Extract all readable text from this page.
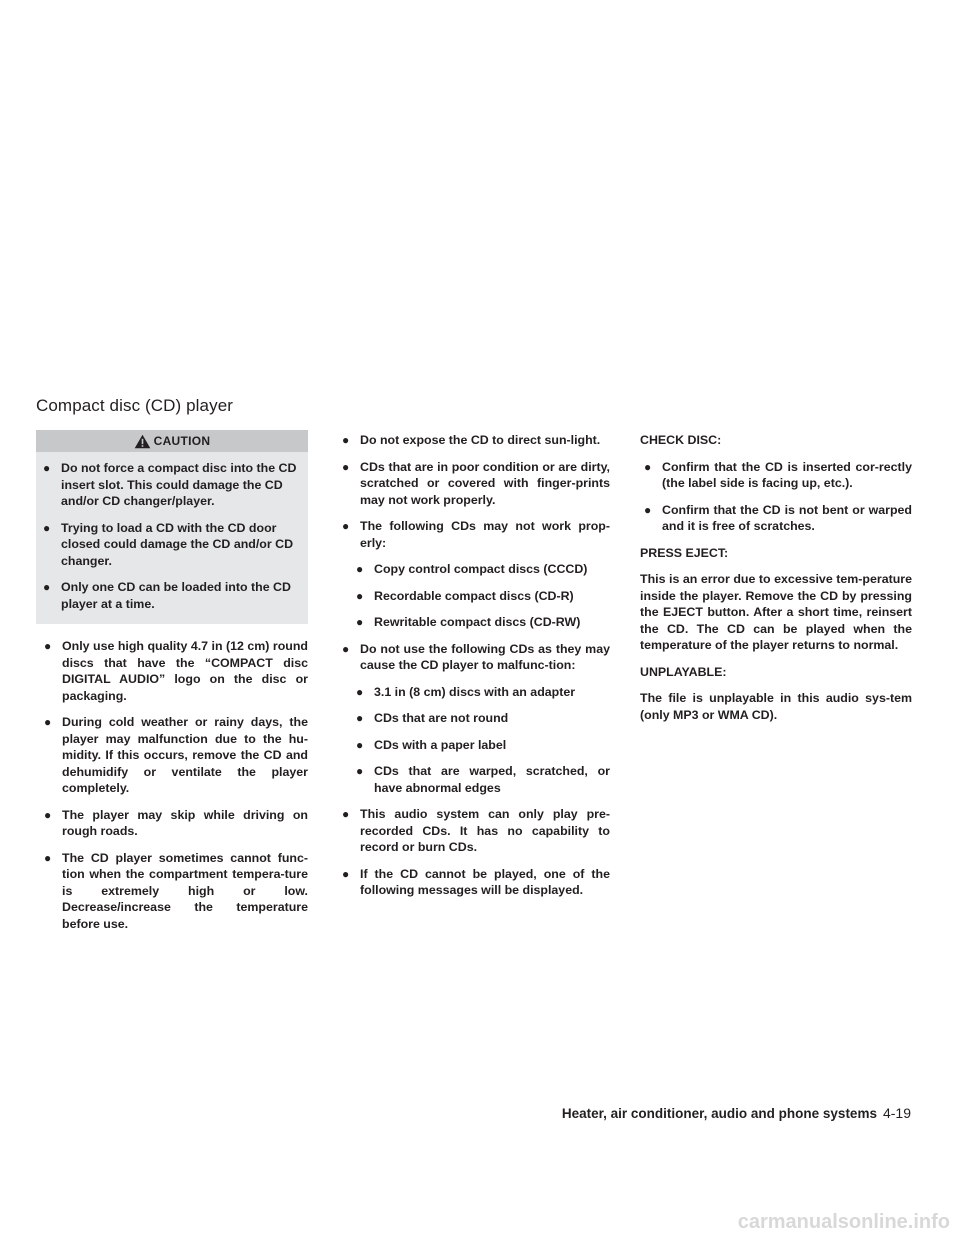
Compact disc (CD) player
CAUTION
● Do not force a compact disc into the CD insert slot. This could damage the CD and/or CD changer/player.
● Trying to load a CD with the CD door closed could damage the CD and/or CD changer.
● Only one CD can be loaded into the CD player at a time.
● Only use high quality 4.7 in (12 cm) round discs that have the “COMPACT disc DIGITAL AUDIO” logo on the disc or packaging.
● During cold weather or rainy days, the player may malfunction due to the hu-midity. If this occurs, remove the CD and dehumidify or ventilate the player completely.
● The player may skip while driving on rough roads.
● The CD player sometimes cannot func-tion when the compartment tempera-ture is extremely high or low. Decrease/increase the temperature before use.
● Do not expose the CD to direct sun-light.
● CDs that are in poor condition or are dirty, scratched or covered with finger-prints may not work properly.
● The following CDs may not work prop-erly:
● Copy control compact discs (CCCD)
● Recordable compact discs (CD-R)
● Rewritable compact discs (CD-RW)
● Do not use the following CDs as they may cause the CD player to malfunc-tion:
● 3.1 in (8 cm) discs with an adapter
● CDs that are not round
● CDs with a paper label
● CDs that are warped, scratched, or have abnormal edges
● This audio system can only play pre-recorded CDs. It has no capability to record or burn CDs.
● If the CD cannot be played, one of the following messages will be displayed.
CHECK DISC:
● Confirm that the CD is inserted cor-rectly (the label side is facing up, etc.).
● Confirm that the CD is not bent or warped and it is free of scratches.
PRESS EJECT:
This is an error due to excessive tem-perature inside the player. Remove the CD by pressing the EJECT button. After a short time, reinsert the CD. The CD can be played when the temperature of the player returns to normal.
UNPLAYABLE:
The file is unplayable in this audio sys-tem (only MP3 or WMA CD).
Heater, air conditioner, audio and phone systems 4-19
carmanualsonline.info
